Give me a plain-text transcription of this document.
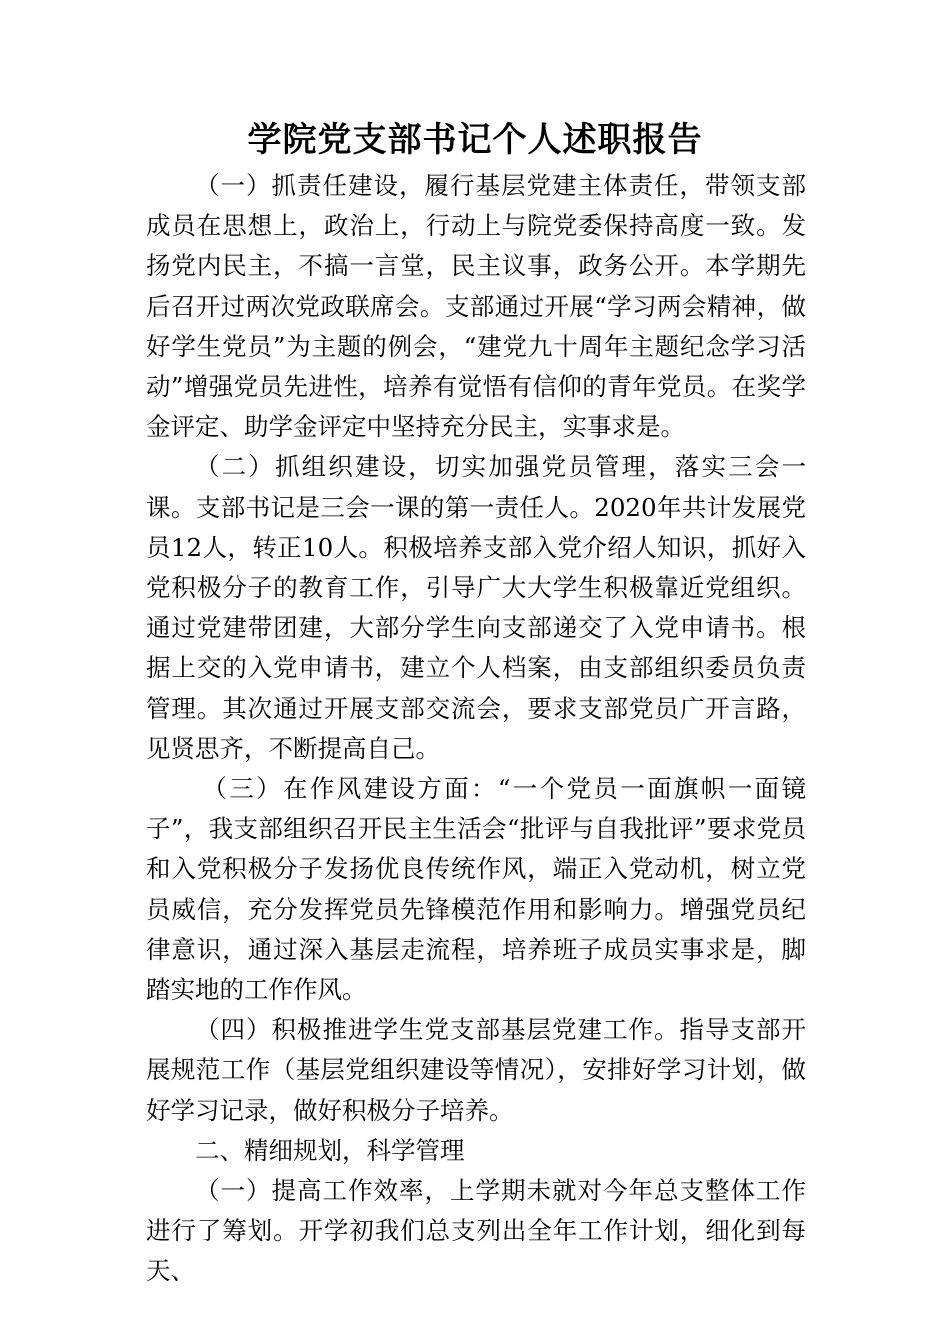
学院党支部书记个人述职报告

（一）抓责任建设，履行基层党建主体责任，带领支部成员在思想上，政治上，行动上与院党委保持高度一致。发扬党内民主，不搞一言堂，民主议事，政务公开。本学期先后召开过两次党政联席会。支部通过开展“学习两会精神，做好学生党员”为主题的例会，“建党九十周年主题纪念学习活动”增强党员先进性，培养有觉悟有信仰的青年党员。在奖学金评定、助学金评定中坚持充分民主，实事求是。

（二）抓组织建设，切实加强党员管理，落实三会一课。支部书记是三会一课的第一责任人。2020年共计发展党员12人，转正10人。积极培养支部入党介绍人知识，抓好入党积极分子的教育工作，引导广大大学生积极靠近党组织。通过党建带团建，大部分学生向支部递交了入党申请书。根据上交的入党申请书，建立个人档案，由支部组织委员负责管理。其次通过开展支部交流会，要求支部党员广开言路，见贤思齐，不断提高自己。

（三）在作风建设方面：“一个党员一面旗帜一面镜子”，我支部组织召开民主生活会“批评与自我批评”要求党员和入党积极分子发扬优良传统作风，端正入党动机，树立党员威信，充分发挥党员先锋模范作用和影响力。增强党员纪律意识，通过深入基层走流程，培养班子成员实事求是，脚踏实地的工作作风。

（四）积极推进学生党支部基层党建工作。指导支部开展规范工作（基层党组织建设等情况），安排好学习计划，做好学习记录，做好积极分子培养。

二、精细规划，科学管理

（一）提高工作效率，上学期未就对今年总支整体工作进行了筹划。开学初我们总支列出全年工作计划，细化到每天、
